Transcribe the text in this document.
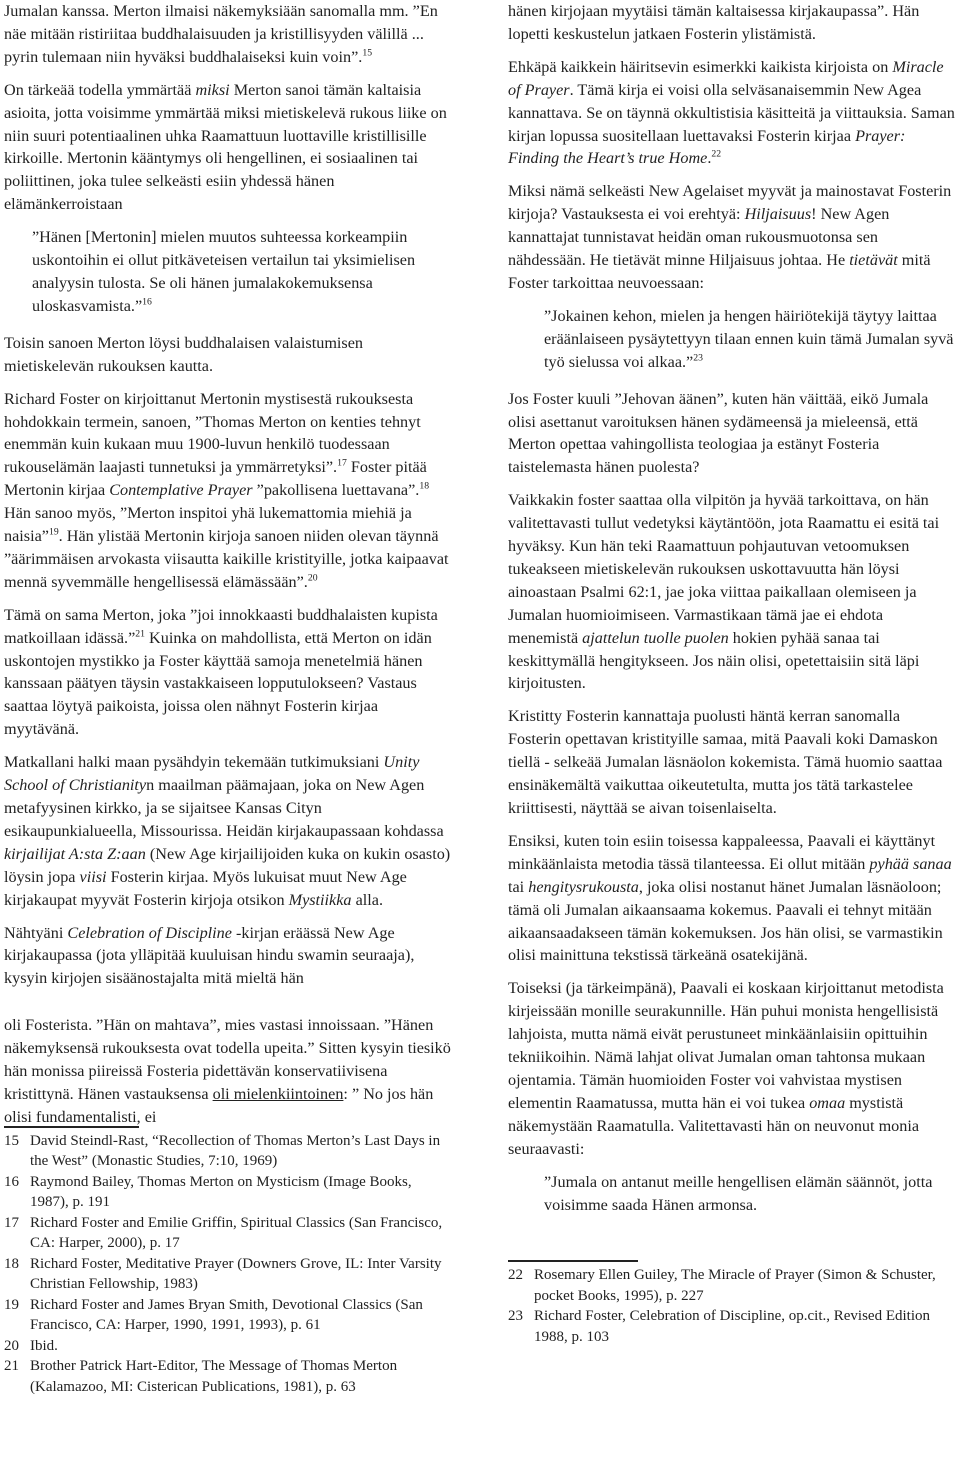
Jumalan kanssa. Merton ilmaisi näkemyksiään sanomalla mm. ”En näe mitään ristiriitaa buddhalaisuuden ja kristillisyyden välillä ... pyrin tulemaan niin hyväksi buddhalaiseksi kuin voin”.$^{15}$

On tärkeää todella ymmärtää miksi Merton sanoi tämän kaltaisia asioita, jotta voisimme ymmärtää miksi mietiskelevä rukous liike on niin suuri potentiaalinen uhka Raamattuun luottaville kristillisille kirkoille. Mertonin kääntymys oli hengellinen, ei sosiaalinen tai poliittinen, joka tulee selkeästi esiin yhdessä hänen elämänkerroistaan

”Hänen [Mertonin] mielen muutos suhteessa korkeampiin uskontoihin ei ollut pitkäveteisen vertailun tai yksimielisen analyysin tulosta. Se oli hänen jumalakokemuksensa uloskasvamista.”$^{16}$

Toisin sanoen Merton löysi buddhalaisen valaistumisen mietiskelevän rukouksen kautta.

Richard Foster on kirjoittanut Mertonin mystisestä rukouksesta hohdokkain termein, sanoen, ”Thomas Merton on kenties tehnyt enemmän kuin kukaan muu 1900-luvun henkilö tuodessaan rukouselämän laajasti tunnetuksi ja ymmärretyksi”.$^{17}$ Foster pitää Mertonin kirjaa Contemplative Prayer ”pakollisena luettavana”.$^{18}$ Hän sanoo myös, ”Merton inspitoi yhä lukemattomia miehiä ja naisia”$^{19}$. Hän ylistää Mertonin kirjoja sanoen niiden olevan täynnä ”äärimmäisen arvokasta viisautta kaikille kristityille, jotka kaipaavat mennä syvemmälle hengellisessä elämässään”.$^{20}$

Tämä on sama Merton, joka ”joi innokkaasti buddhalaisten kupista matkoillaan idässä.”$^{21}$ Kuinka on mahdollista, että Merton on idän uskontojen mystikko ja Foster käyttää samoja menetelmiä hänen kanssaan päätyen täysin vastakkaiseen lopputulokseen? Vastaus saattaa löytyä paikoista, joissa olen nähnyt Fosterin kirjaa myytävänä.

Matkallani halki maan pysähdyin tekemään tutkimuksiani Unity School of Christianityn maailman päämajaan, joka on New Agen metafyysinen kirkko, ja se sijaitsee Kansas Cityn esikaupunkialueella, Missourissa. Heidän kirjakaupassaan kohdassa kirjailijat A:sta Z:aan (New Age kirjailijoiden kuka on kukin osasto) löysin jopa viisi Fosterin kirjaa. Myös lukuisat muut New Age kirjakaupat myyvät Fosterin kirjoja otsikon Mystiikka alla.

Nähtyäni Celebration of Discipline -kirjan eräässä New Age kirjakaupassa (jota ylläpitää kuuluisan hindu swamin seuraaja), kysyin kirjojen sisäänostajalta mitä mieltä hän

oli Fosterista. ”Hän on mahtava”, mies vastasi innoissaan. ”Hänen näkemyksensä rukouksesta ovat todella upeita.” Sitten kysyin tiesikö hän monissa piireissä Fosteria pidettävän konservatiivisena kristittynä. Hänen vastauksensa oli mielenkiintoinen: ” No jos hän olisi fundamentalisti, ei

15 David Steindl-Rast, “Recollection of Thomas Merton’s Last Days in the West” (Monastic Studies, 7:10, 1969)
16 Raymond Bailey, Thomas Merton on Mysticism (Image Books, 1987), p. 191
17 Richard Foster and Emilie Griffin, Spiritual Classics (San Francisco, CA: Harper, 2000), p. 17
18 Richard Foster, Meditative Prayer (Downers Grove, IL: Inter Varsity Christian Fellowship, 1983)
19 Richard Foster and James Bryan Smith, Devotional Classics (San Francisco, CA: Harper, 1990, 1991, 1993), p. 61
20 Ibid.
21 Brother Patrick Hart-Editor, The Message of Thomas Merton (Kalamazoo, MI: Cisterican Publications, 1981), p. 63

hänen kirjojaan myytäisi tämän kaltaisessa kirjakaupassa”. Hän lopetti keskustelun jatkaen Fosterin ylistämistä.

Ehkäpä kaikkein häiritsevin esimerkki kaikista kirjoista on Miracle of Prayer. Tämä kirja ei voisi olla selväsanaisemmin New Agea kannattava. Se on täynnä okkultistisia käsitteitä ja viittauksia. Saman kirjan lopussa suositellaan luettavaksi Fosterin kirjaa Prayer: Finding the Heart’s true Home.$^{22}$

Miksi nämä selkeästi New Agelaiset myyvät ja mainostavat Fosterin kirjoja? Vastauksesta ei voi erehtyä: Hiljaisuus! New Agen kannattajat tunnistavat heidän oman rukousmuotonsa sen nähdessään. He tietävät minne Hiljaisuus johtaa. He tietävät mitä Foster tarkoittaa neuvoessaan:

”Jokainen kehon, mielen ja hengen häiriötekijä täytyy laittaa eräänlaiseen pysäytettyyn tilaan ennen kuin tämä Jumalan syvä työ sielussa voi alkaa.”$^{23}$

Jos Foster kuuli ”Jehovan äänen”, kuten hän väittää, eikö Jumala olisi asettanut varoituksen hänen sydämeensä ja mieleensä, että Merton opettaa vahingollista teologiaa ja estänyt Fosteria taistelemasta hänen puolesta?

Vaikkakin foster saattaa olla vilpitön ja hyvää tarkoittava, on hän valitettavasti tullut vedetyksi käytäntöön, jota Raamattu ei esitä tai hyväksy. Kun hän teki Raamattuun pohjautuvan vetoomuksen tukeakseen mietiskelevän rukouksen uskottavuutta hän löysi ainoastaan Psalmi 62:1, jae joka viittaa paikallaan olemiseen ja Jumalan huomioimiseen. Varmastikaan tämä jae ei ehdota menemistä ajattelun tuolle puolen hokien pyhää sanaa tai keskittymällä hengitykseen. Jos näin olisi, opetettaisiin sitä läpi kirjoitusten.

Kristitty Fosterin kannattaja puolusti häntä kerran sanomalla Fosterin opettavan kristityille samaa, mitä Paavali koki Damaskon tiellä - selkeää Jumalan läsnäolon kokemista. Tämä huomio saattaa ensinäkemältä vaikuttaa oikeutetulta, mutta jos tätä tarkastelee kriittisesti, näyttää se aivan toisenlaiselta.

Ensiksi, kuten toin esiin toisessa kappaleessa, Paavali ei käyttänyt minkäänlaista metodia tässä tilanteessa. Ei ollut mitään pyhää sanaa tai hengitysrukousta, joka olisi nostanut hänet Jumalan läsnäoloon; tämä oli Jumalan aikaansaama kokemus. Paavali ei tehnyt mitään aikaansaadakseen tämän kokemuksen. Jos hän olisi, se varmastikin olisi mainittuna tekstissä tärkeänä osatekijänä.

Toiseksi (ja tärkeimpänä), Paavali ei koskaan kirjoittanut metodista kirjeissään monille seurakunnille. Hän puhui monista hengellisistä lahjoista, mutta nämä eivät perustuneet minkäänlaisiin opittuihin tekniikoihin. Nämä lahjat olivat Jumalan oman tahtonsa mukaan ojentamia. Tämän huomioiden Foster voi vahvistaa mystisen elementin Raamatussa, mutta hän ei voi tukea omaa mystistä näkemystään Raamatulla. Valitettavasti hän on neuvonut monia seuraavasti:

”Jumala on antanut meille hengellisen elämän säännöt, jotta voisimme saada Hänen armonsa.

22 Rosemary Ellen Guiley, The Miracle of Prayer (Simon & Schuster, pocket Books, 1995), p. 227
23 Richard Foster, Celebration of Discipline, op.cit., Revised Edition 1988, p. 103
